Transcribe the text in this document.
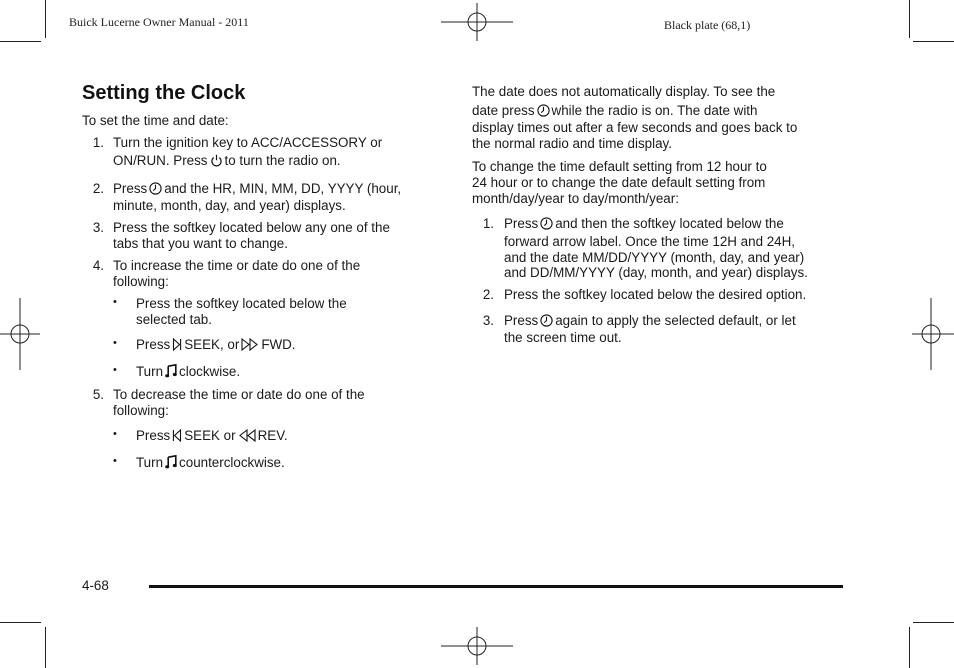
Buick Lucerne Owner Manual - 2011	Black plate (68,1)
Setting the Clock
To set the time and date:
1. Turn the ignition key to ACC/ACCESSORY or
ON/RUN. Press to turn the radio on.
2. Press and the HR, MIN, MM, DD, YYYY (hour,
minute, month, day, and year) displays.
3. Press the softkey located below any one of the
tabs that you want to change.
4. To increase the time or date do one of the
following:
• Press the softkey located below the
selected tab.
• Press SEEK, or FWD.
• Turn clockwise.
5. To decrease the time or date do one of the
following:
• Press SEEK or REV.
• Turn counterclockwise.
The date does not automatically display. To see the
date press while the radio is on. The date with
display times out after a few seconds and goes back to
the normal radio and time display.
To change the time default setting from 12 hour to
24 hour or to change the date default setting from
month/day/year to day/month/year:
1. Press and then the softkey located below the
forward arrow label. Once the time 12H and 24H,
and the date MM/DD/YYYY (month, day, and year)
and DD/MM/YYYY (day, month, and year) displays.
2. Press the softkey located below the desired option.
3. Press again to apply the selected default, or let
the screen time out.
4-68
